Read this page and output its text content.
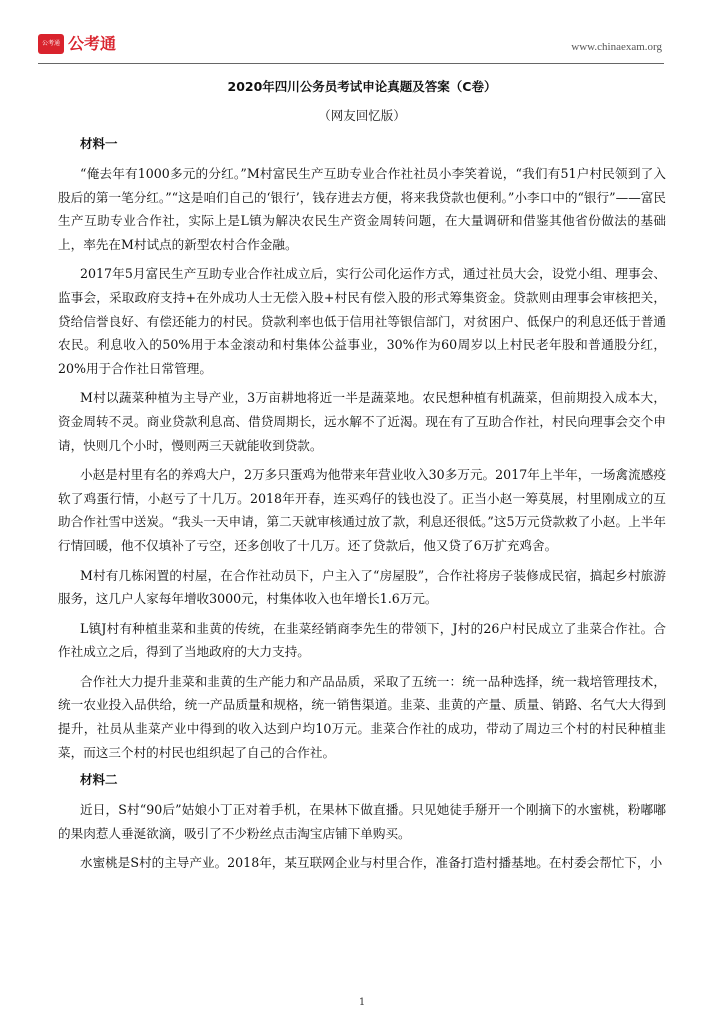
公考通 公考通	www.chinaexam.org
2020年四川公务员考试申论真题及答案（C卷）
（网友回忆版）
材料一

“俺去年有1000多元的分红。”M村富民生产互助专业合作社社员小李笑着说，“我们有51户村民领到了入股后的第一笔分红。”“这是咱们自己的‘银行’，钱存进去方便，将来我贷款也便利。”小李口中的“银行”——富民生产互助专业合作社，实际上是L镇为解决农民生产资金周转问题，在大量调研和借鉴其他省份做法的基础上，率先在M村试点的新型农村合作金融。

2017年5月富民生产互助专业合作社成立后，实行公司化运作方式，通过社员大会，设党小组、理事会、监事会，采取政府支持+在外成功人士无偿入股+村民有偿入股的形式筹集资金。贷款则由理事会审核把关，贷给信誉良好、有偿还能力的村民。贷款利率也低于信用社等银信部门，对贫困户、低保户的利息还低于普通农民。利息收入的50%用于本金滚动和村集体公益事业，30%作为60周岁以上村民老年股和普通股分红，20%用于合作社日常管理。

M村以蔬菜种植为主导产业，3万亩耕地将近一半是蔬菜地。农民想种植有机蔬菜，但前期投入成本大，资金周转不灵。商业贷款利息高、借贷周期长，远水解不了近渴。现在有了互助合作社，村民向理事会交个申请，快则几个小时，慢则两三天就能收到贷款。

小赵是村里有名的养鸡大户，2万多只蛋鸡为他带来年营业收入30多万元。2017年上半年，一场禽流感疫软了鸡蛋行情，小赵亏了十几万。2018年开春，连买鸡仔的钱也没了。正当小赵一筹莫展，村里刚成立的互助合作社雪中送炭。“我头一天申请，第二天就审核通过放了款，利息还很低。”这5万元贷款救了小赵。上半年行情回暖，他不仅填补了亏空，还多创收了十几万。还了贷款后，他又贷了6万扩充鸡舍。

M村有几栋闲置的村屋，在合作社动员下，户主入了“房屋股”，合作社将房子装修成民宿，搞起乡村旅游服务，这几户人家每年增收3000元，村集体收入也年增长1.6万元。

L镇J村有种植韭菜和韭黄的传统，在韭菜经销商李先生的带领下，J村的26户村民成立了韭菜合作社。合作社成立之后，得到了当地政府的大力支持。

合作社大力提升韭菜和韭黄的生产能力和产品品质，采取了五统一：统一品种选择，统一栽培管理技术，统一农业投入品供给，统一产品质量和规格，统一销售渠道。韭菜、韭黄的产量、质量、销路、名气大大得到提升，社员从韭菜产业中得到的收入达到户均10万元。韭菜合作社的成功，带动了周边三个村的村民种植韭菜，而这三个村的村民也组织起了自己的合作社。

材料二

近日，S村“90后”姑娘小丁正对着手机，在果林下做直播。只见她徒手掰开一个刚摘下的水蜜桃，粉嘟嘟的果肉惹人垂涎欲滴，吸引了不少粉丝点击淘宝店铺下单购买。

水蜜桃是S村的主导产业。2018年，某互联网企业与村里合作，准备打造村播基地。在村委会帮忙下，小

1
